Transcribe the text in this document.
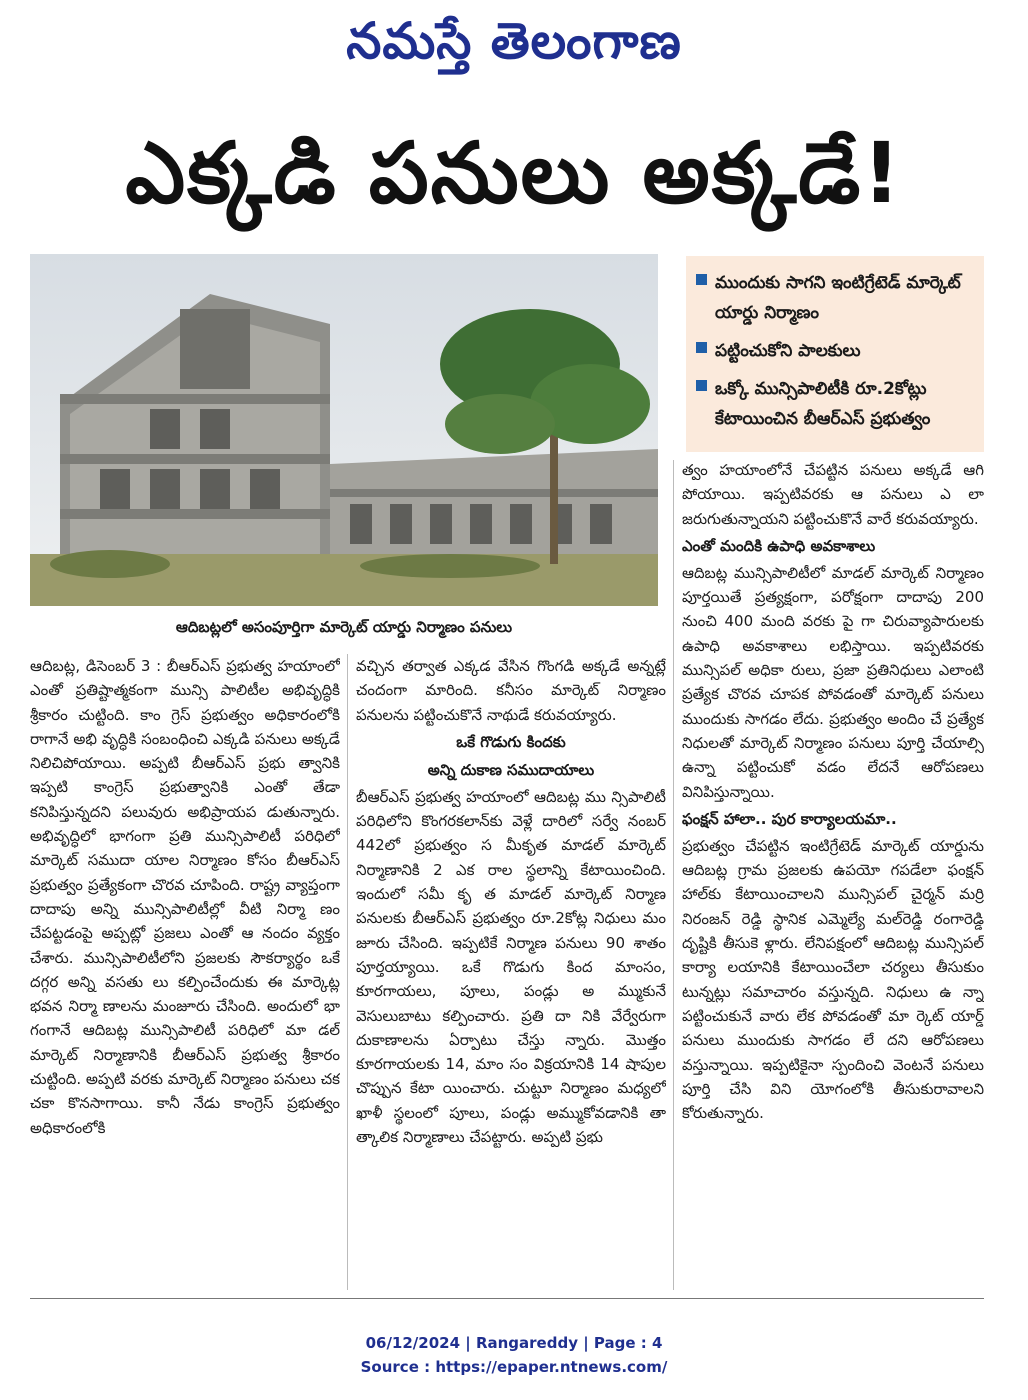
నమస్తే తెలంగాణ
ఎక్కడి పనులు అక్కడే!
ఆదిబట్లలో అసంపూర్తిగా మార్కెట్ యార్డు నిర్మాణం పనులు
ముందుకు సాగని ఇంటిగ్రేటెడ్ మార్కెట్ యార్డు నిర్మాణం
పట్టించుకోని పాలకులు
ఒక్కో మున్సిపాలిటీకి రూ.2కోట్లు కేటాయించిన బీఆర్ఎస్ ప్రభుత్వం

ఆదిబట్ల, డిసెంబర్ 3 : బీఆర్ఎస్ ప్రభుత్వ హయాంలో ఎంతో ప్రతిష్టాత్మకంగా మున్సి పాలిటీల అభివృద్ధికి శ్రీకారం చుట్టింది. కాం గ్రెస్ ప్రభుత్వం అధికారంలోకి రాగానే అభి వృద్ధికి సంబంధించి ఎక్కడి పనులు అక్కడే నిలిచిపోయాయి. అప్పటి బీఆర్ఎస్ ప్రభు త్వానికి ఇప్పటి కాంగ్రెస్ ప్రభుత్వానికి ఎంతో తేడా కనిపిస్తున్నదని పలువురు అభిప్రాయప డుతున్నారు. అభివృద్ధిలో భాగంగా ప్రతి మున్సిపాలిటీ పరిధిలో మార్కెట్ సముదా యాల నిర్మాణం కోసం బీఆర్ఎస్ ప్రభుత్వం ప్రత్యేకంగా చొరవ చూపింది. రాష్ట్ర వ్యాప్తంగా దాదాపు అన్ని మున్సిపాలిటీల్లో వీటి నిర్మా ణం చేపట్టడంపై అప్పట్లో ప్రజలు ఎంతో ఆ నందం వ్యక్తం చేశారు. మున్సిపాలిటీలోని ప్రజలకు సౌకర్యార్థం ఒకే దగ్గర అన్ని వసతు లు కల్పించేందుకు ఈ మార్కెట్ల భవన నిర్మా ణాలను మంజూరు చేసింది. అందులో భా గంగానే ఆదిబట్ల మున్సిపాలిటీ పరిధిలో మా డల్ మార్కెట్ నిర్మాణానికి బీఆర్ఎస్ ప్రభుత్వ శ్రీకారం చుట్టింది. అప్పటి వరకు మార్కెట్ నిర్మాణం పనులు చక చకా కొనసాగాయి. కానీ నేడు కాంగ్రెస్ ప్రభుత్వం అధికారంలోకి

వచ్చిన తర్వాత ఎక్కడ వేసిన గొంగడి అక్కడే అన్నట్లే చందంగా మారింది. కనీసం మార్కెట్ నిర్మాణం పనులను పట్టించుకొనే నాథుడే కరువయ్యారు.

ఒకే గొడుగు కిందకు
అన్ని దుకాణ సముదాయాలు

బీఆర్ఎస్ ప్రభుత్వ హయాంలో ఆదిబట్ల ము న్సిపాలిటీ పరిధిలోని కొంగరకలాన్‌కు వెళ్లే దారిలో సర్వే నంబర్ 442లో ప్రభుత్వం స మీకృత మాడల్ మార్కెట్ నిర్మాణానికి 2 ఎక రాల స్థలాన్ని కేటాయించింది. ఇందులో సమీ కృ త మాడల్ మార్కెట్ నిర్మాణ పనులకు బీఆర్ఎస్ ప్రభుత్వం రూ.2కోట్ల నిధులు మం జూరు చేసింది. ఇప్పటికే నిర్మాణ పనులు 90 శాతం పూర్తయ్యాయి. ఒకే గొడుగు కింద మాంసం, కూరగాయలు, పూలు, పండ్లు అ మ్ముకునే వెసులుబాటు కల్పించారు. ప్రతి దా నికి వేర్వేరుగా దుకాణాలను ఏర్పాటు చేస్తు న్నారు. మొత్తం కూరగాయలకు 14, మాం సం విక్రయానికి 14 షాపుల చొప్పున కేటా యించారు. చుట్టూ నిర్మాణం మధ్యలో ఖాళీ స్థలంలో పూలు, పండ్లు అమ్ముకోవడానికి తా త్కాలిక నిర్మాణాలు చేపట్టారు. అప్పటి ప్రభు

త్వం హయాంలోనే చేపట్టిన పనులు అక్కడే ఆగి పోయాయి. ఇప్పటివరకు ఆ పనులు ఎ లా జరుగుతున్నాయని పట్టించుకొనే వారే కరువయ్యారు.

ఎంతో మందికి ఉపాధి అవకాశాలు

ఆదిబట్ల మున్సిపాలిటీలో మాడల్ మార్కెట్ నిర్మాణం పూర్తయితే ప్రత్యక్షంగా, పరోక్షంగా దాదాపు 200 నుంచి 400 మంది వరకు పై గా చిరువ్యాపారులకు ఉపాధి అవకాశాలు లభిస్తాయి. ఇప్పటివరకు మున్సిపల్ అధికా రులు, ప్రజా ప్రతినిధులు ఎలాంటి ప్రత్యేక చొరవ చూపక పోవడంతో మార్కెట్ పనులు ముందుకు సాగడం లేదు. ప్రభుత్వం అందిం చే ప్రత్యేక నిధులతో మార్కెట్ నిర్మాణం పనులు పూర్తి చేయాల్సి ఉన్నా పట్టించుకో వడం లేదనే ఆరోపణలు వినిపిస్తున్నాయి.

ఫంక్షన్ హాలా.. పుర కార్యాలయమా..

ప్రభుత్వం చేపట్టిన ఇంటిగ్రేటెడ్ మార్కెట్ యార్డును ఆదిబట్ల గ్రామ ప్రజలకు ఉపయో గపడేలా ఫంక్షన్ హాల్‌కు కేటాయించాలని మున్సిపల్ చైర్మన్ మర్రి నిరంజన్ రెడ్డి స్థానిక ఎమ్మెల్యే మల్‌రెడ్డి రంగారెడ్డి దృష్టికి తీసుకె ళ్లారు. లేనిపక్షంలో ఆదిబట్ల మున్సిపల్ కార్యా లయానికి కేటాయించేలా చర్యలు తీసుకుం టున్నట్లు సమాచారం వస్తున్నది. నిధులు ఉ న్నా పట్టించుకునే వారు లేక పోవడంతో మా ర్కెట్ యార్డ్ పనులు ముందుకు సాగడం లే దని ఆరోపణలు వస్తున్నాయి. ఇప్పటికైనా స్పందించి వెంటనే పనులు పూర్తి చేసి విని యోగంలోకి తీసుకురావాలని కోరుతున్నారు.

06/12/2024 | Rangareddy | Page : 4
Source : https://epaper.ntnews.com/
